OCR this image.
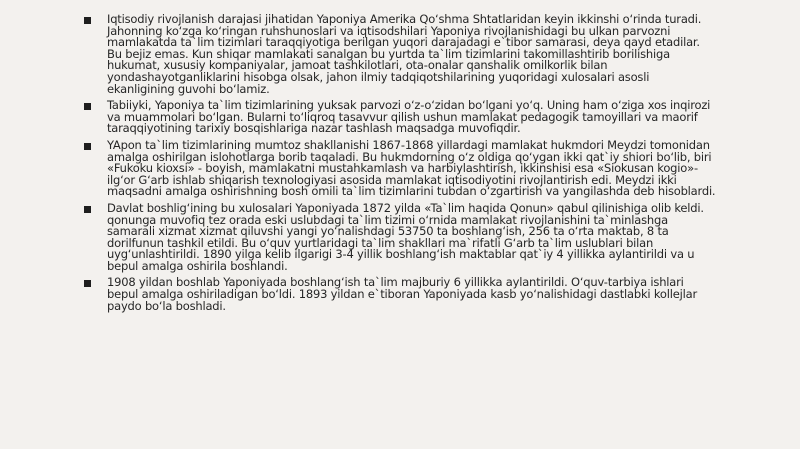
Iqtisodiy rivojlanish darajasi jihatidan Yaponiya Amerika Qo‘shma Shtatlaridan keyin ikkinshi o‘rinda turadi. Jahonning ko‘zga ko‘ringan ruhshunoslari va iqtisodshilari Yaponiya rivojlanishidagi bu ulkan parvozni mamlakatda ta`lim tizimlari taraqqiyotiga berilgan yuqori darajadagi e`tibor samarasi, deya qayd etadilar. Bu bejiz emas. Kun shiqar mamlakati sanalgan bu yurtda ta`lim tizimlarini takomillashtirib borilishiga hukumat, xususiy kompaniyalar, jamoat tashkilotlari, ota-onalar qanshalik omilkorlik bilan yondashayotganliklarini hisobga olsak, jahon ilmiy tadqiqotshilarining yuqoridagi xulosalari asosli ekanligining guvohi bo‘lamiz.
Tabiiyki, Yaponiya ta`lim tizimlarining yuksak parvozi o‘z-o‘zidan bo‘lgani yo‘q. Uning ham o‘ziga xos inqirozi va muammolari bo‘lgan. Bularni to‘liqroq tasavvur qilish ushun mamlakat pedagogik tamoyillari va maorif taraqqiyotining tarixiy bosqishlariga nazar tashlash maqsadga muvofiqdir.
YApon ta`lim tizimlarining mumtoz shakllanishi 1867-1868 yillardagi mamlakat hukmdori Meydzi tomonidan amalga oshirilgan islohotlarga borib taqaladi. Bu hukmdorning o‘z oldiga qo‘ygan ikki qat`iy shiori bo‘lib, biri «Fukoku kioxsi» - boyish, mamlakatni mustahkamlash va harbiylashtirish, ikkinshisi esa «Siokusan kogio»- ilg‘or G‘arb ishlab shiqarish texnologiyasi asosida mamlakat iqtisodiyotini rivojlantirish edi. Meydzi ikki maqsadni amalga oshirishning bosh omili ta`lim tizimlarini tubdan o‘zgartirish va yangilashda deb hisoblardi.
Davlat boshlig‘ining bu xulosalari Yaponiyada 1872 yilda «Ta`lim haqida Qonun» qabul qilinishiga olib keldi. qonunga muvofiq tez orada eski uslubdagi ta`lim tizimi o‘rnida mamlakat rivojlanishini ta`minlashga samarali xizmat xizmat qiluvshi yangi yo‘nalishdagi 53750 ta boshlang‘ish, 256 ta o‘rta maktab, 8 ta dorilfunun tashkil etildi. Bu o‘quv yurtlaridagi ta`lim shakllari ma`rifatli G‘arb ta`lim uslublari bilan uyg‘unlashtirildi. 1890 yilga kelib ilgarigi 3-4 yillik boshlang‘ish maktablar qat`iy 4 yillikka aylantirildi va u bepul amalga oshirila boshlandi.
1908 yildan boshlab Yaponiyada boshlang‘ish ta`lim majburiy 6 yillikka aylantirildi. O‘quv-tarbiya ishlari bepul amalga oshiriladigan bo‘ldi. 1893 yildan e`tiboran Yaponiyada kasb yo‘nalishidagi dastlabki kollejlar paydo bo‘la boshladi.
